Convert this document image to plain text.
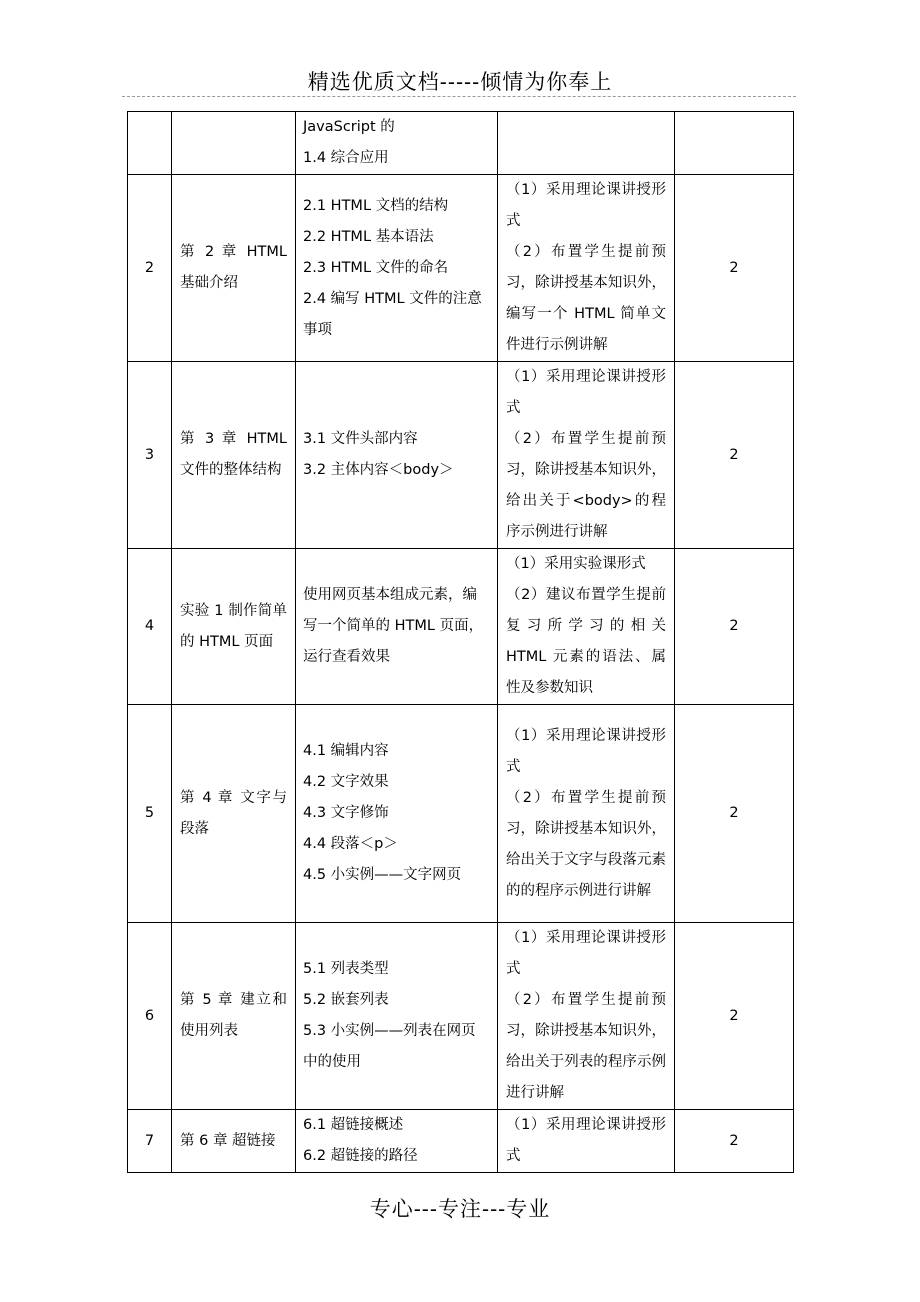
精选优质文档-----倾情为你奉上

		JavaScript 的
1.4 综合应用		

2	第 2 章 HTML 基础介绍	2.1 HTML 文档的结构
2.2 HTML 基本语法
2.3 HTML 文件的命名
2.4 编写 HTML 文件的注意事项	（1）采用理论课讲授形式
（2）布置学生提前预习，除讲授基本知识外，编写一个 HTML 简单文件进行示例讲解	2
3	第 3 章 HTML 文件的整体结构	3.1 文件头部内容
3.2 主体内容＜body＞	（1）采用理论课讲授形式
（2）布置学生提前预习，除讲授基本知识外，给出关于<body>的程序示例进行讲解	2
4	实验 1 制作简单的 HTML 页面	使用网页基本组成元素，编写一个简单的 HTML 页面，运行查看效果	（1）采用实验课形式
（2）建议布置学生提前复习所学习的相关 HTML 元素的语法、属性及参数知识	2
5	第 4 章 文字与段落	4.1 编辑内容
4.2 文字效果
4.3 文字修饰
4.4 段落＜p＞
4.5 小实例——文字网页	（1）采用理论课讲授形式
（2）布置学生提前预习，除讲授基本知识外，给出关于文字与段落元素的的程序示例进行讲解	2
6	第 5 章 建立和使用列表	5.1 列表类型
5.2 嵌套列表
5.3 小实例——列表在网页中的使用	（1）采用理论课讲授形式
（2）布置学生提前预习，除讲授基本知识外，给出关于列表的程序示例进行讲解	2
7	第 6 章 超链接	6.1 超链接概述
6.2 超链接的路径	（1）采用理论课讲授形式	2
专心---专注---专业
